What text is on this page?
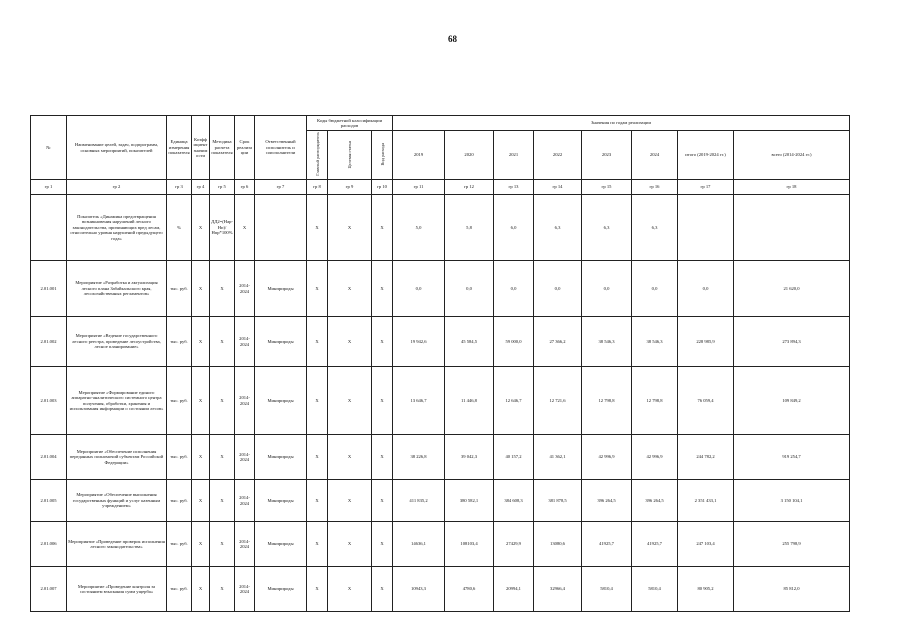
68
№	Наименование целей, задач, подпрограмм, основных мероприятий, показателей	Единица измерения показателя	Коэффициент значимости	Методика расчета показателя	Срок реализации	Ответственный исполнитель и соисполнители	Коды бюджетной классификации расходов			Значения по годам реализации							
							Главный распорядитель	Целевая статья	Вид расхода	2019	2020	2021	2022	2023	2024	итого (2019-2024 гг.)	всего (2014-2024 гг.)
гр 1	гр 2	гр 3	гр 4	гр 5	гр 6	гр 7	гр 8	гр 9	гр 10	гр 11	гр 12	гр 13	гр 14	гр 15	гр 16	гр 17	гр 18
	Показатель «Динамика предотвращения возникновения нарушений лесного законодательства, причиняющих вред лесам, относительно уровня нарушений предыдущего года»	%	X	ДД2=(Нар-Нп)/Нпр*100%	X		X	X	X	5,0	5,8	6,0	6,3	6,3	6,3		
2.01.001	Мероприятие «Разработка и актуализация лесного плана Забайкальского края, лесохозяйственных регламентов»	тыс. руб.	X	X	2014-2024	Минприроды	X	X	X	0,0	0,0	0,0	0,0	0,0	0,0	0,0	21 620,0
2.01.002	Мероприятие «Ведение государственного лесного реестра, проведение лесоустройства, лесное планирование»	тыс. руб.	X	X	2014-2024	Минприроды	X	X	X	19 942,6	45 584,5	59 000,0	27 366,2	38 546,3	38 546,3	228 985,9	273 894,3
2.01.003	Мероприятие «Формирование единого аппаратно-аналитического системного центра получения, обработки, хранения и использования информации о состоянии лесов»	тыс. руб.	X	X	2014-2024	Минприроды	X	X	X	13 646,7	11 446,8	12 646,7	12 721,6	12 798,8	12 798,8	76 059,4	109 849,2
2.01.004	Мероприятие «Обеспечение исполнения переданных полномочий субъектам Российской Федерации»	тыс. руб.	X	X	2014-2024	Минприроды	X	X	X	38 226,8	39 042,3	40 157,2	41 362,1	42 996,9	42 996,9	244 782,2	919 254,7
2.01.005	Мероприятие «Обеспечение выполнения государственных функций и услуг казенным учреждением»	тыс. руб.	X	X	2014-2024	Минприроды	X	X	X	411 835,2	380 582,1	384 608,3	381 878,5	396 264,5	396 264,5	2 351 433,1	3 150 104,1
2.01.006	Мероприятие «Проведение проверок исполнения лесного законодательства»	тыс. руб.	X	X	2014-2024	Минприроды	X	X	X	14636,1	108103,4	27429,9	13080,6	41925,7	41925,7	247 103,4	255 798,9
2.01.007	Мероприятие «Проведение контроля за состоянием взыскания сумм ущерба»	тыс. руб.	X	X	2014-2024	Минприроды	X	X	X	10943,3	4780,6	20994,1	32966,4	5810,4	5810,4	80 905,2	85 812,0
